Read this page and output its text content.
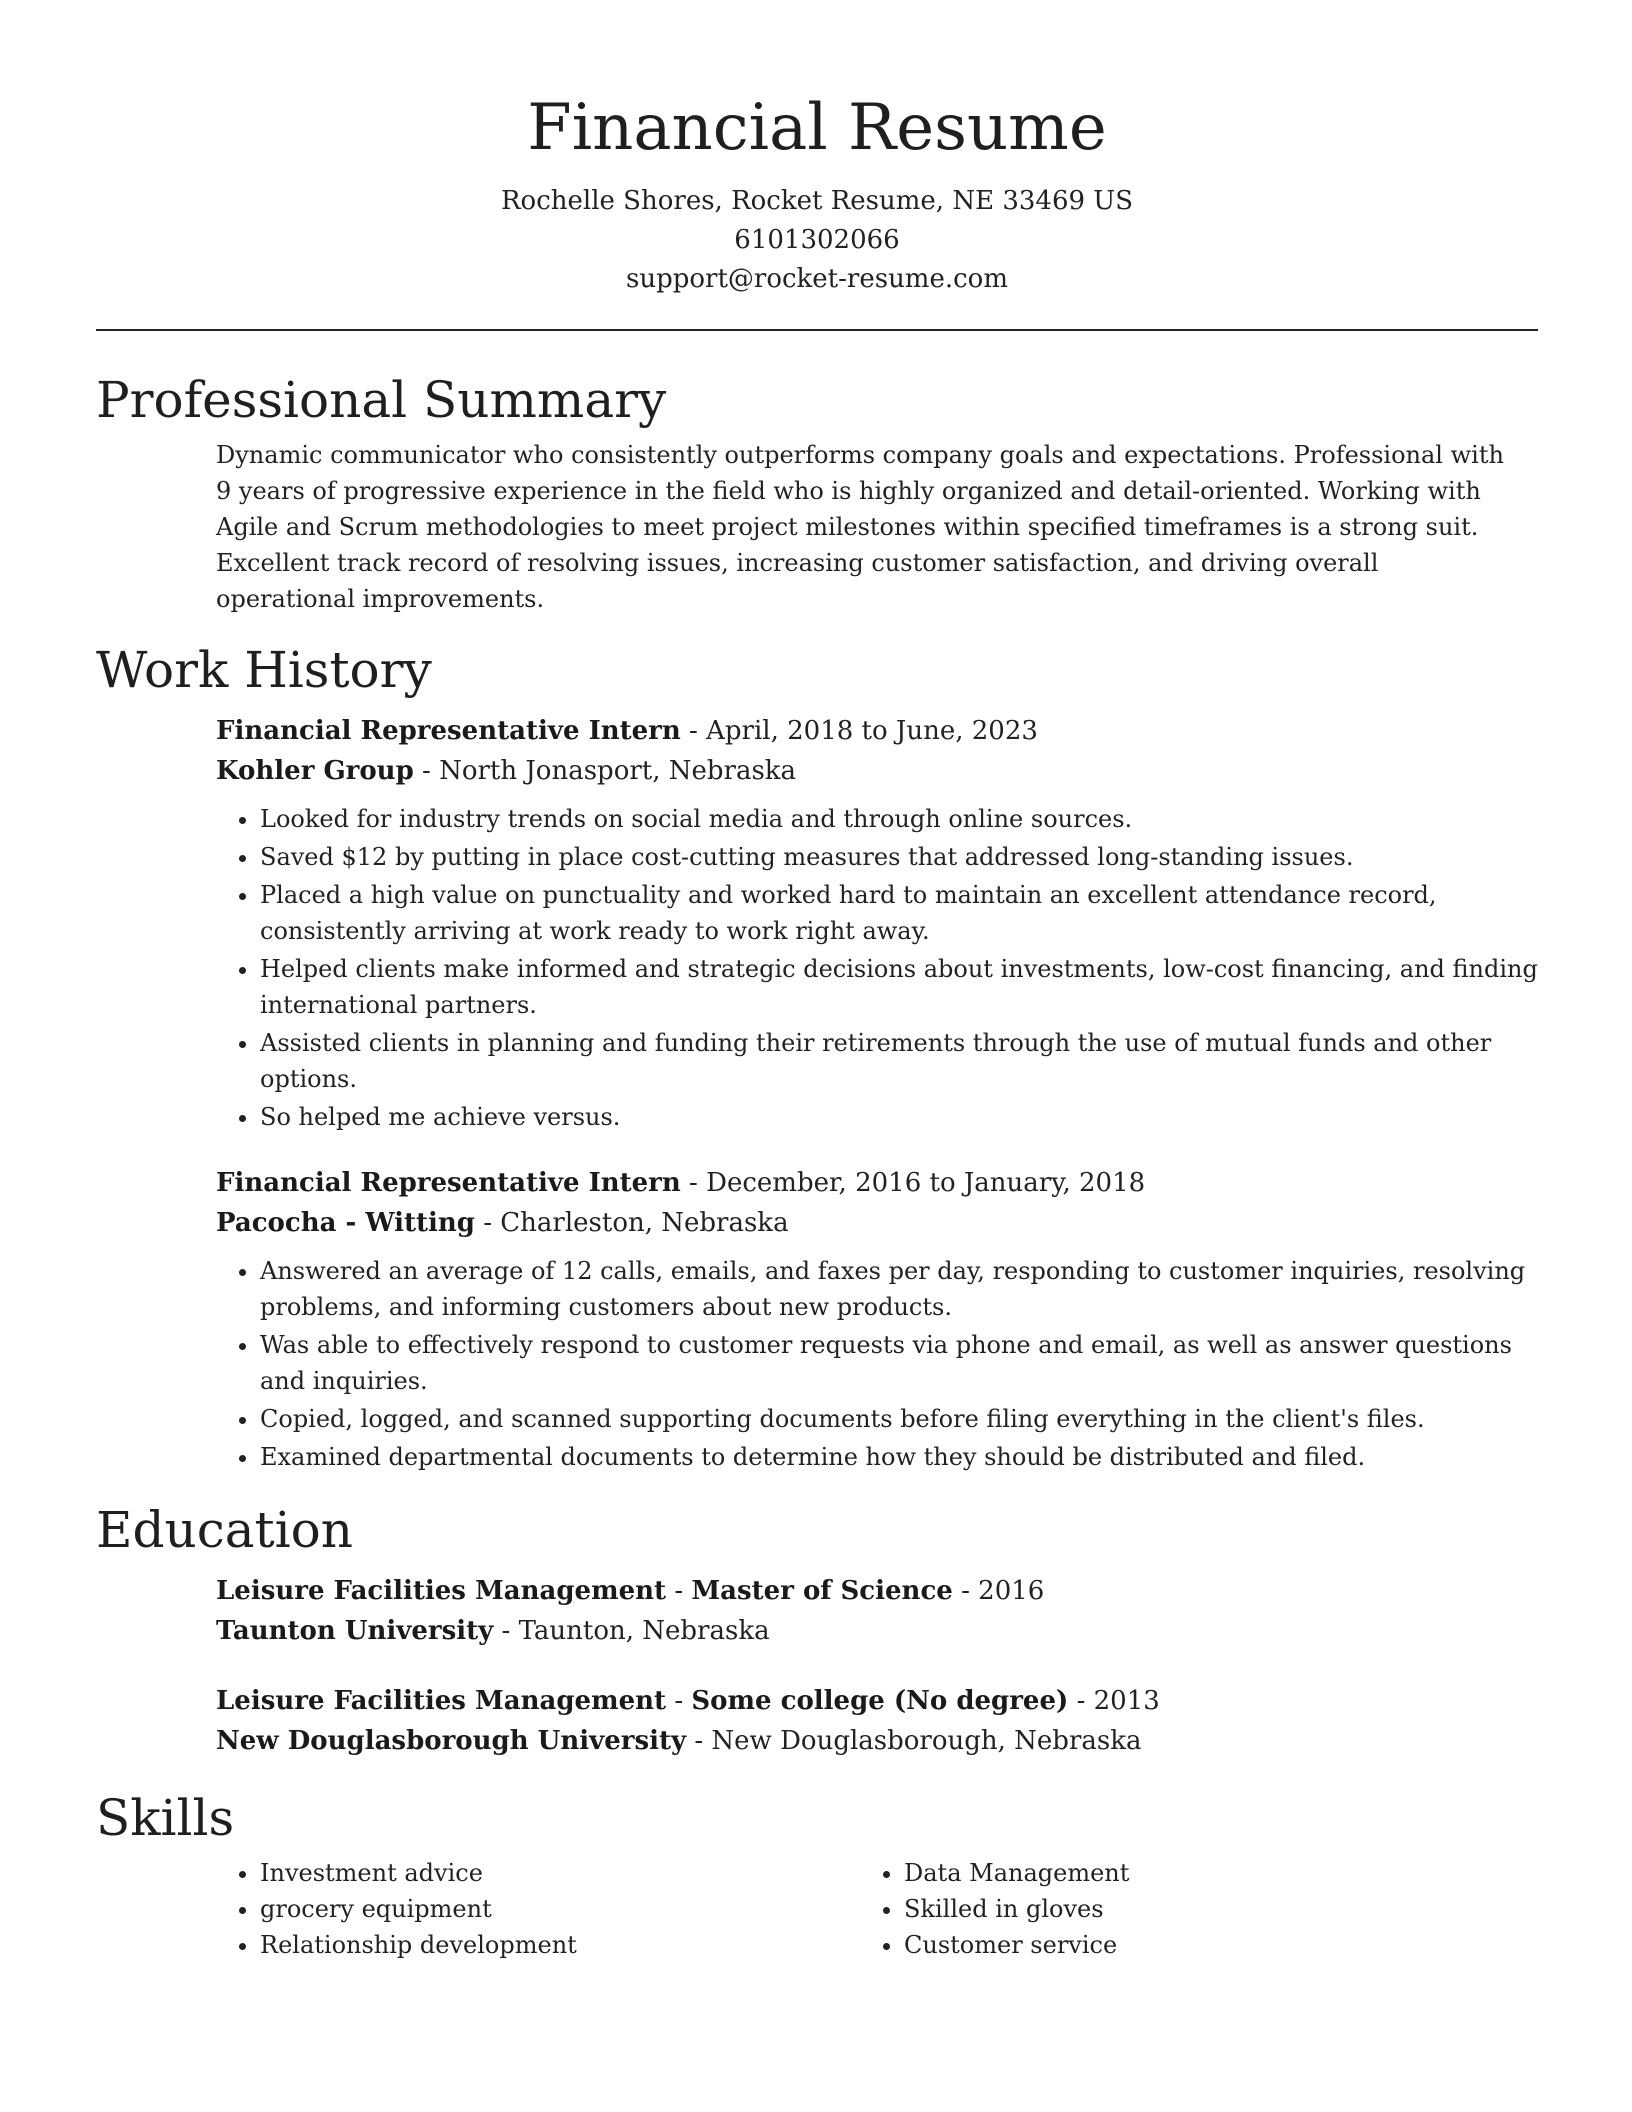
Financial Resume
Rochelle Shores, Rocket Resume, NE 33469 US
6101302066
support@rocket-resume.com
Professional Summary

Dynamic communicator who consistently outperforms company goals and expectations. Professional with 9 years of progressive experience in the field who is highly organized and detail-oriented. Working with Agile and Scrum methodologies to meet project milestones within specified timeframes is a strong suit. Excellent track record of resolving issues, increasing customer satisfaction, and driving overall operational improvements.

Work History
Financial Representative Intern - April, 2018 to June, 2023
Kohler Group - North Jonasport, Nebraska
• Looked for industry trends on social media and through online sources.
• Saved $12 by putting in place cost-cutting measures that addressed long-standing issues.
• Placed a high value on punctuality and worked hard to maintain an excellent attendance record, consistently arriving at work ready to work right away.
• Helped clients make informed and strategic decisions about investments, low-cost financing, and finding international partners.
• Assisted clients in planning and funding their retirements through the use of mutual funds and other options.
• So helped me achieve versus.
Financial Representative Intern - December, 2016 to January, 2018
Pacocha - Witting - Charleston, Nebraska
• Answered an average of 12 calls, emails, and faxes per day, responding to customer inquiries, resolving problems, and informing customers about new products.
• Was able to effectively respond to customer requests via phone and email, as well as answer questions and inquiries.
• Copied, logged, and scanned supporting documents before filing everything in the client's files.
• Examined departmental documents to determine how they should be distributed and filed.
Education
Leisure Facilities Management - Master of Science - 2016
Taunton University - Taunton, Nebraska
Leisure Facilities Management - Some college (No degree) - 2013
New Douglasborough University - New Douglasborough, Nebraska
Skills
• Investment advice
• grocery equipment
• Relationship development
• Data Management
• Skilled in gloves
• Customer service
